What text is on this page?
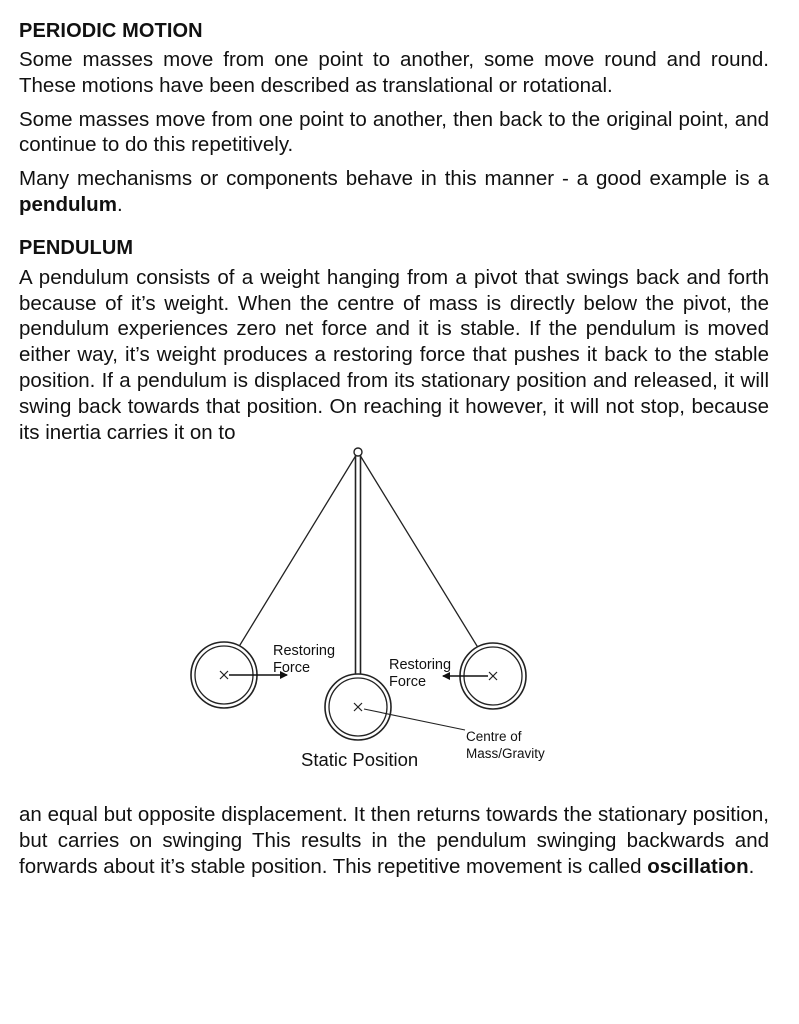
PERIODIC MOTION

Some masses move from one point to another, some move round and round. These motions have been described as translational or rotational.

Some masses move from one point to another, then back to the original point, and continue to do this repetitively.

Many mechanisms or components behave in this manner - a good example is a pendulum.

PENDULUM

A pendulum consists of a weight hanging from a pivot that swings back and forth because of it’s weight. When the centre of mass is directly below the pivot, the pendulum experiences zero net force and it is stable. If the pendulum is moved either way, it’s weight produces a restoring force that pushes it back to the stable position. If a pendulum is displaced from its stationary position and released, it will swing back towards that position. On reaching it however, it will not stop, because its inertia carries it on to

Restoring
Force	Restoring
Force
Centre of
Mass/Gravity
Static Position

an equal but opposite displacement. It then returns towards the stationary position, but carries on swinging This results in the pendulum swinging backwards and forwards about it’s stable position. This repetitive movement is called oscillation.
